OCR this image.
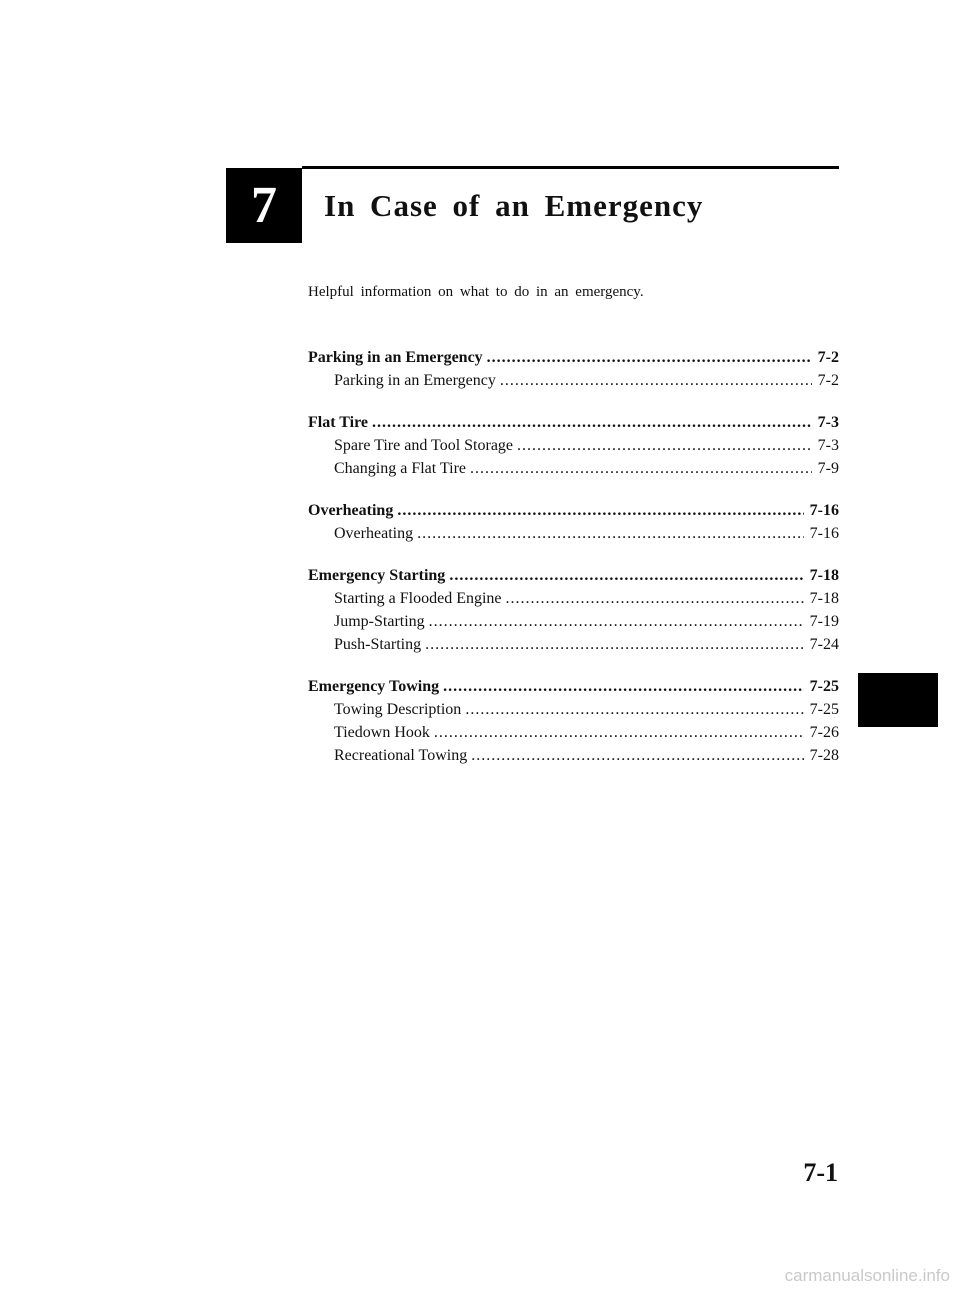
7 In Case of an Emergency
Helpful information on what to do in an emergency.
Parking in an Emergency .....	7-2
Parking in an Emergency .....	7-2
Flat Tire .....	7-3
Spare Tire and Tool Storage .....	7-3
Changing a Flat Tire .....	7-9
Overheating .....	7-16
Overheating .....	7-16
Emergency Starting .....	7-18
Starting a Flooded Engine .....	7-18
Jump-Starting .....	7-19
Push-Starting .....	7-24
Emergency Towing .....	7-25
Towing Description .....	7-25
Tiedown Hook .....	7-26
Recreational Towing .....	7-28
7-1
carmanualsonline.info
